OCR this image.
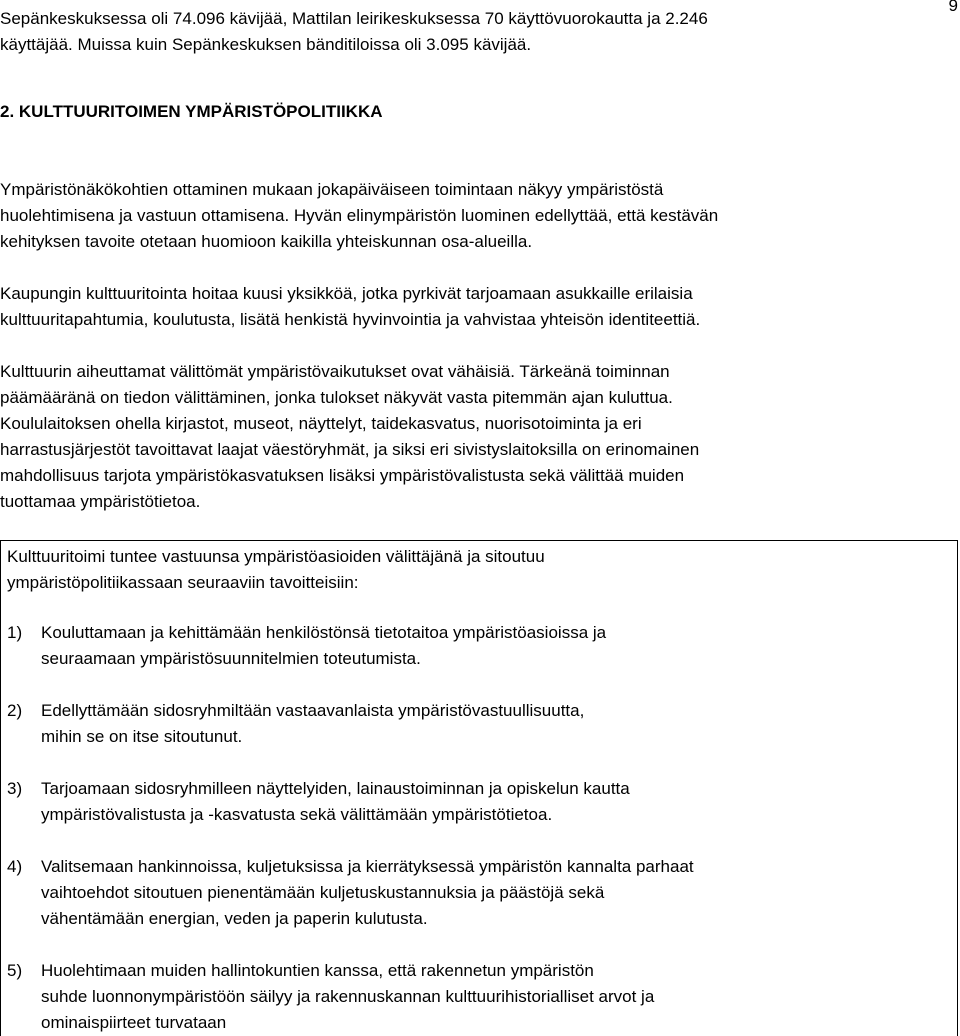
9
Sepänkeskuksessa oli 74.096 kävijää, Mattilan leirikeskuksessa 70 käyttövuorokautta ja 2.246
käyttäjää. Muissa kuin Sepänkeskuksen bänditiloissa oli 3.095 kävijää.
2. KULTTUURITOIMEN YMPÄRISTÖPOLITIIKKA
Ympäristönäkökohtien ottaminen mukaan jokapäiväiseen toimintaan näkyy ympäristöstä
huolehtimisena ja vastuun ottamisena. Hyvän elinympäristön luominen edellyttää, että kestävän
kehityksen tavoite otetaan huomioon kaikilla yhteiskunnan osa-alueilla.
Kaupungin kulttuuritointa hoitaa kuusi yksikköä, jotka pyrkivät tarjoamaan asukkaille erilaisia
kulttuuritapahtumia, koulutusta, lisätä henkistä hyvinvointia ja vahvistaa yhteisön identiteettiä.
Kulttuurin aiheuttamat välittömät ympäristövaikutukset ovat vähäisiä. Tärkeänä toiminnan
päämääränä on tiedon välittäminen, jonka tulokset näkyvät vasta pitemmän ajan kuluttua.
Koululaitoksen ohella kirjastot, museot, näyttelyt, taidekasvatus, nuorisotoiminta ja eri
harrastusjärjestöt tavoittavat laajat väestöryhmät, ja siksi eri sivistyslaitoksilla on erinomainen
mahdollisuus tarjota ympäristökasvatuksen lisäksi ympäristövalistusta sekä välittää muiden
tuottamaa ympäristötietoa.
Kulttuuritoimi tuntee vastuunsa ympäristöasioiden välittäjänä ja sitoutuu
ympäristöpolitiikassaan seuraaviin tavoitteisiin:
1) Kouluttamaan ja kehittämään henkilöstönsä tietotaitoa ympäristöasioissa ja
seuraamaan ympäristösuunnitelmien toteutumista.
2) Edellyttämään sidosryhmiltään vastaavanlaista ympäristövastuullisuutta,
mihin se on itse sitoutunut.
3) Tarjoamaan sidosryhmilleen näyttelyiden, lainaustoiminnan ja opiskelun kautta
ympäristövalistusta ja -kasvatusta sekä välittämään ympäristötietoa.
4) Valitsemaan hankinnoissa, kuljetuksissa ja kierrätyksessä ympäristön kannalta parhaat
vaihtoehdot sitoutuen pienentämään kuljetuskustannuksia ja päästöjä sekä
vähentämään energian, veden ja paperin kulutusta.
5) Huolehtimaan muiden hallintokuntien kanssa, että rakennetun ympäristön
suhde luonnonympäristöön säilyy ja rakennuskannan kulttuurihistorialliset arvot ja
ominaispiirteet turvataan
